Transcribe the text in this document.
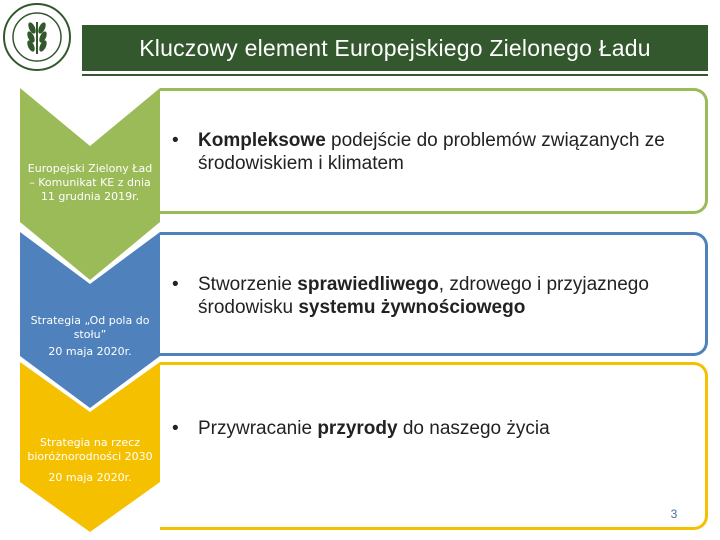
Kluczowy element Europejskiego Zielonego Ładu
Europejski Zielony Ład
– Komunikat KE z dnia
11 grudnia 2019r.
Strategia „Od pola do
stołu”
20 maja 2020r.
Strategia na rzecz
bioróżnorodności 2030
20 maja 2020r.
•	Kompleksowe podejście do problemów związanych ze środowiskiem i klimatem
•	Stworzenie sprawiedliwego, zdrowego i przyjaznego środowisku systemu żywnościowego
•	Przywracanie przyrody do naszego życia
3
